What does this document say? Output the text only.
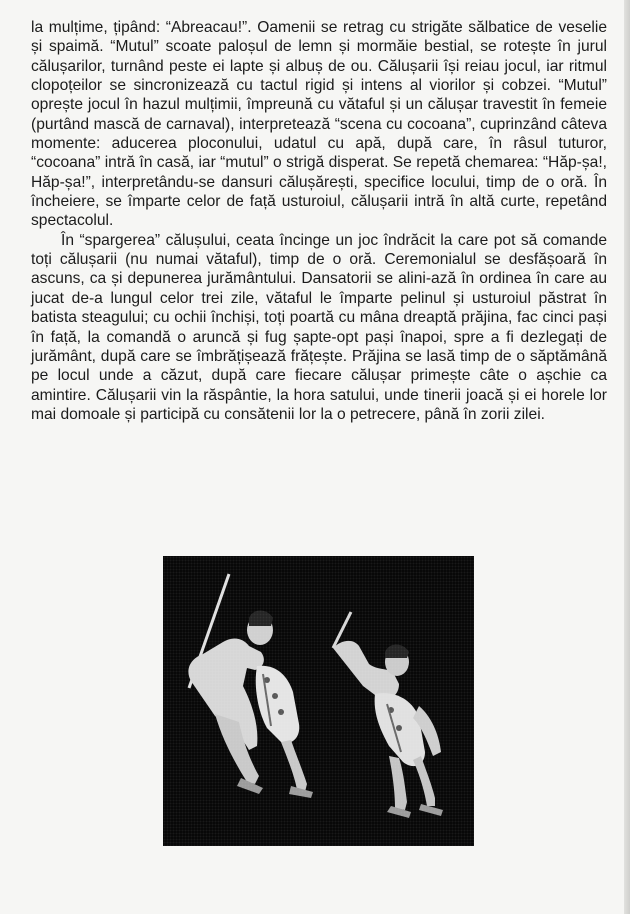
la mulțime, țipând: “Abreacau!”. Oamenii se retrag cu strigăte sălbatice de veselie și spaimă. “Mutul” scoate paloșul de lemn și mormăie bestial, se rotește în jurul călușarilor, turnând peste ei lapte și albuș de ou. Călușarii își reiau jocul, iar ritmul clopoțeilor se sincronizează cu tactul rigid și intens al viorilor și cobzei. “Mutul” oprește jocul în hazul mulțimii, împreună cu vătaful și un călușar travestit în femeie (purtând mască de carnaval), interpretează “scena cu cocoana”, cuprinzând câteva momente: aducerea ploconului, udatul cu apă, după care, în râsul tuturor, “cocoana” intră în casă, iar “mutul” o strigă disperat. Se repetă chemarea: “Hăp-șa!, Hăp-șa!”, interpretându-se dansuri călușărești, specifice locului, timp de o oră. În încheiere, se împarte celor de față usturoiul, călușarii intră în altă curte, repetând spectacolul.

În “spargerea” călușului, ceata încinge un joc îndrăcit la care pot să comande toți călușarii (nu numai vătaful), timp de o oră. Ceremonialul se desfășoară în ascuns, ca și depunerea jurământului. Dansatorii se alini-ază în ordinea în care au jucat de-a lungul celor trei zile, vătaful le împarte pelinul și usturoiul păstrat în batista steagului; cu ochii închiși, toți poartă cu mâna dreaptă prăjina, fac cinci pași în față, la comandă o aruncă și fug șapte-opt pași înapoi, spre a fi dezlegați de jurământ, după care se îmbrățișează frățește. Prăjina se lasă timp de o săptămână pe locul unde a căzut, după care fiecare călușar primește câte o așchie ca amintire. Călușarii vin la răspântie, la hora satului, unde tinerii joacă și ei horele lor mai domoale și participă cu consătenii lor la o petrecere, până în zorii zilei.
